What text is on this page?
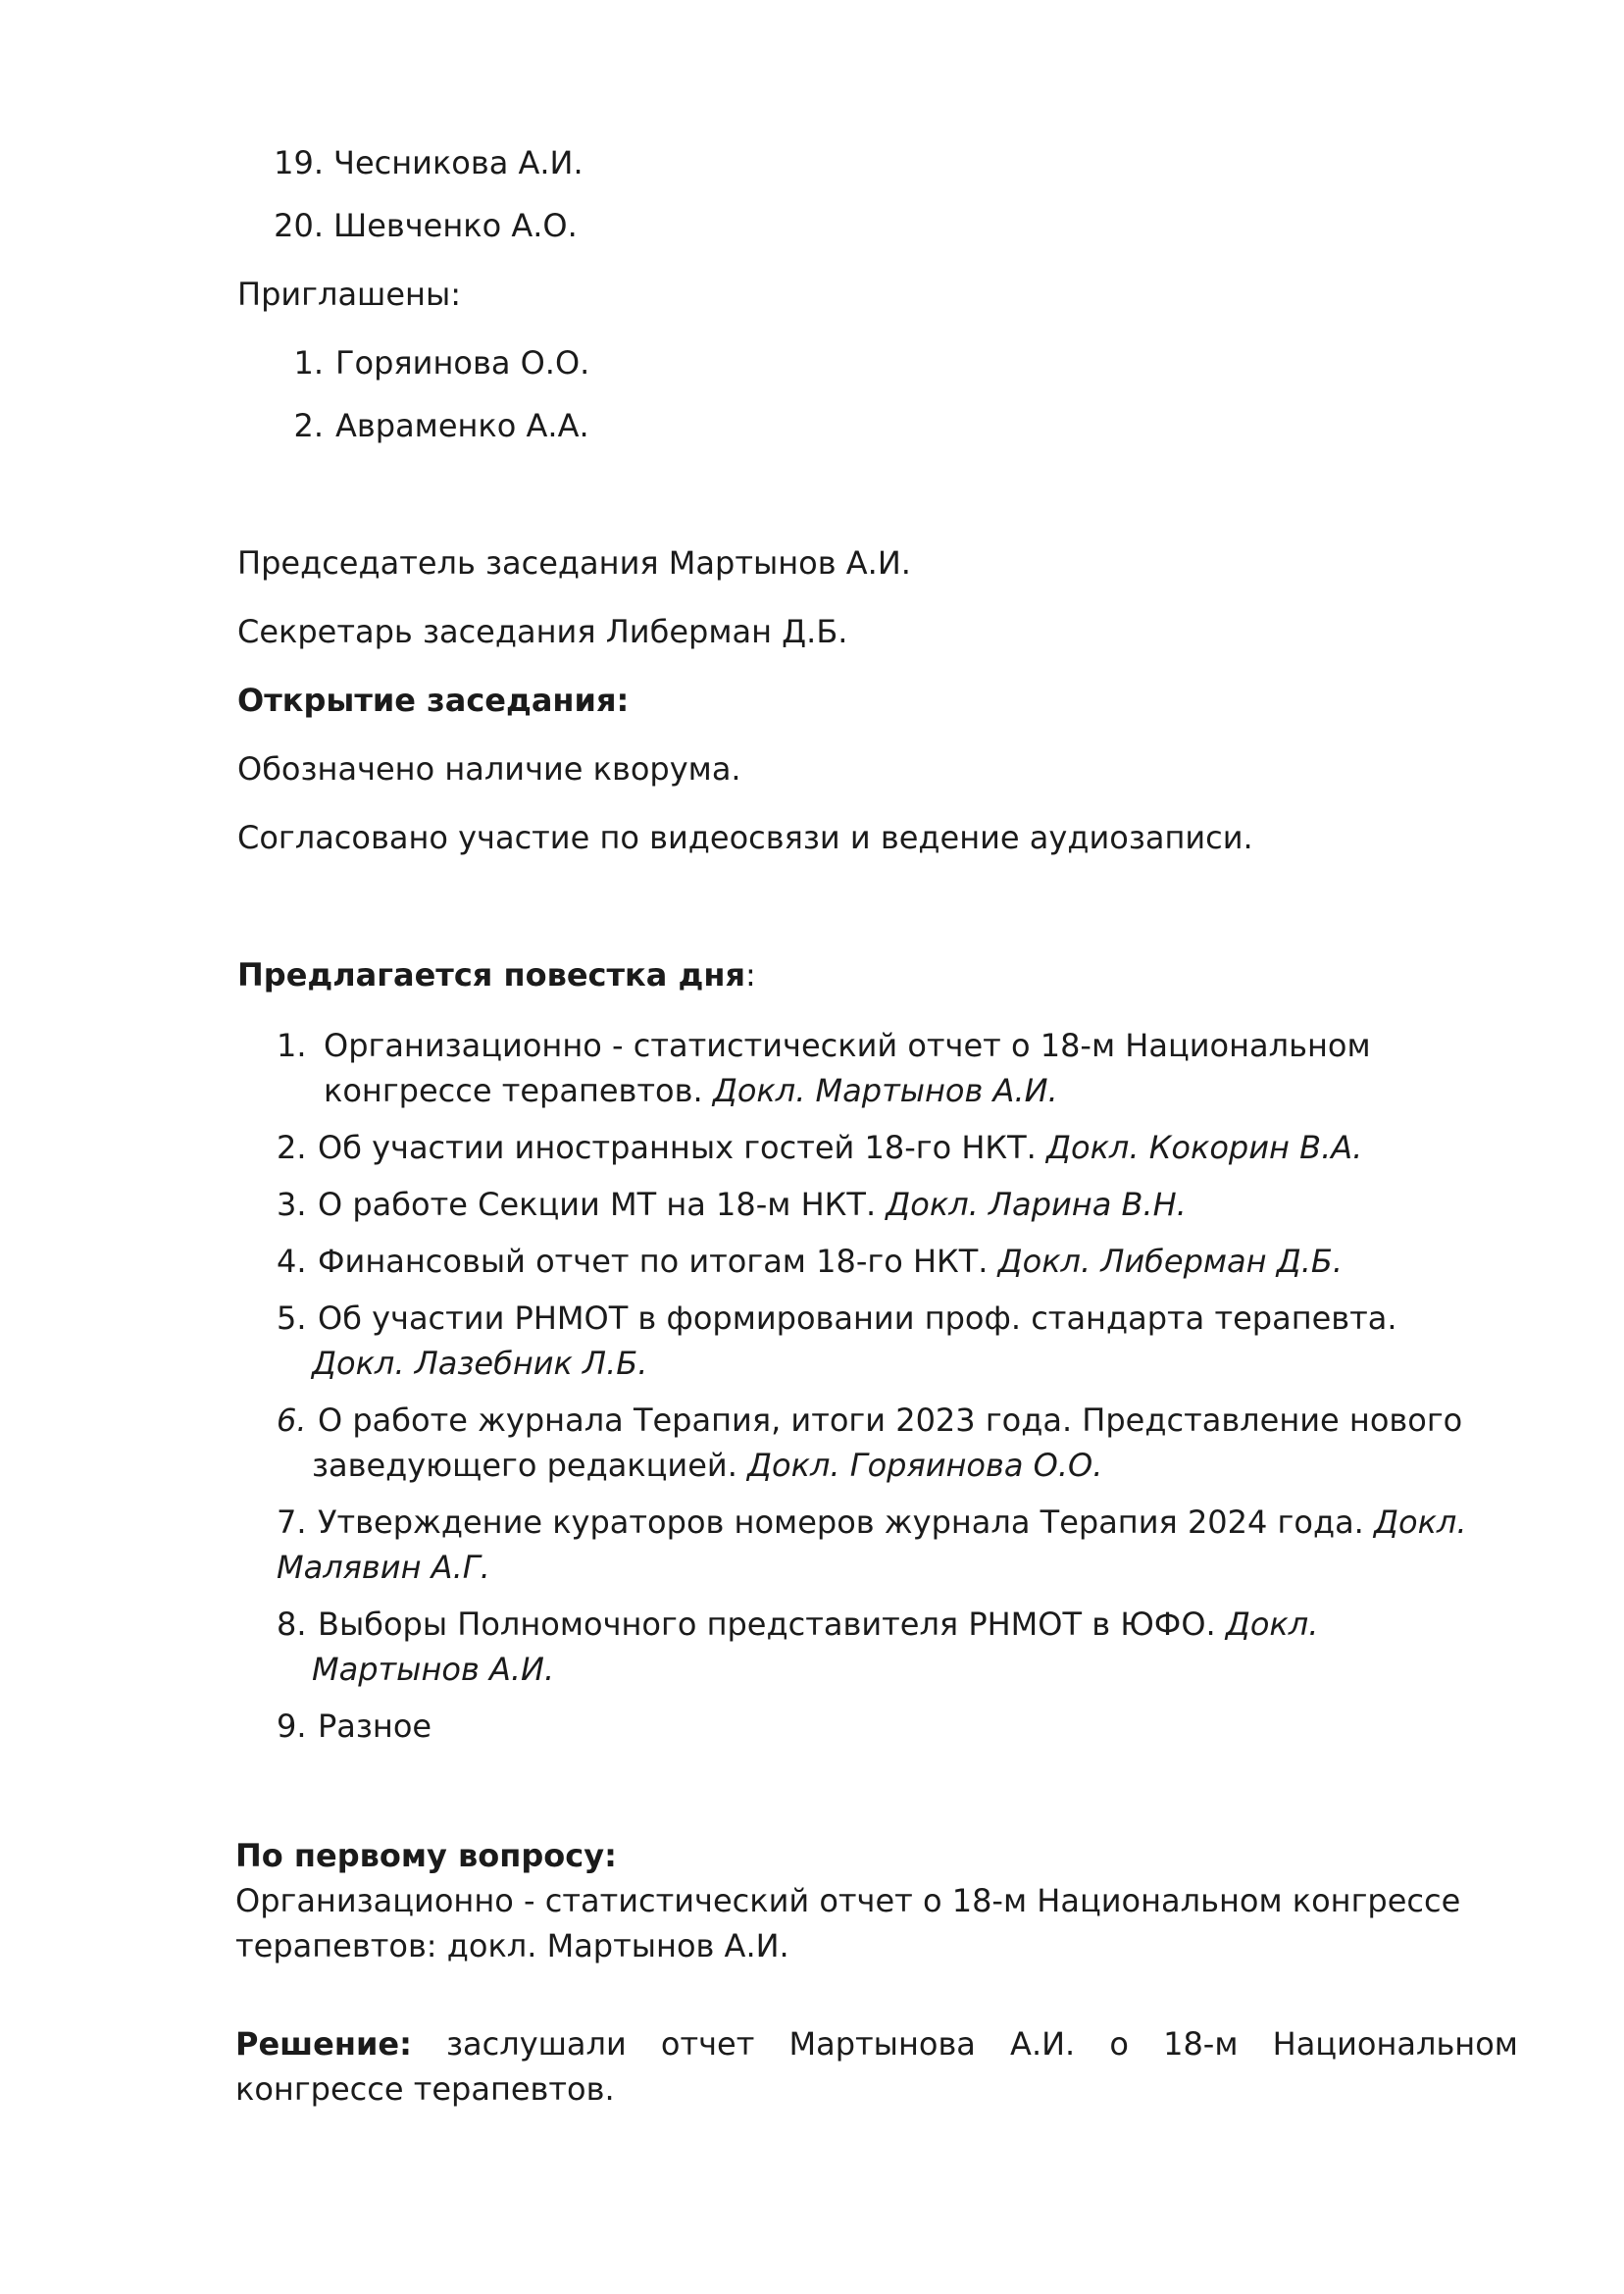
19. Чесникова А.И.
20. Шевченко А.О.
Приглашены:
1. Горяинова О.О.
2. Авраменко А.А.
Председатель заседания Мартынов А.И.
Секретарь заседания Либерман Д.Б.
Открытие заседания:
Обозначено наличие кворума.
Согласовано участие по видеосвязи и ведение аудиозаписи.
Предлагается повестка дня:
1. Организационно - статистический отчет о 18-м Национальном
конгрессе терапевтов. Докл. Мартынов А.И.
2. Об участии иностранных гостей 18-го НКТ. Докл. Кокорин В.А.
3. О работе Секции МТ на 18-м НКТ. Докл. Ларина В.Н.
4. Финансовый отчет по итогам 18-го НКТ. Докл. Либерман Д.Б.
5. Об участии РНМОТ в формировании проф. стандарта терапевта.
Докл. Лазебник Л.Б.
6. О работе журнала Терапия, итоги 2023 года. Представление нового
заведующего редакцией. Докл. Горяинова О.О.
7. Утверждение кураторов номеров журнала Терапия 2024 года. Докл.
Малявин А.Г.
8. Выборы Полномочного представителя РНМОТ в ЮФО. Докл.
Мартынов А.И.
9. Разное
По первому вопросу:
Организационно - статистический отчет о 18-м Национальном конгрессе
терапевтов: докл. Мартынов А.И.
Решение: заслушали отчет Мартынова А.И. о 18-м Национальном
конгрессе терапевтов.
